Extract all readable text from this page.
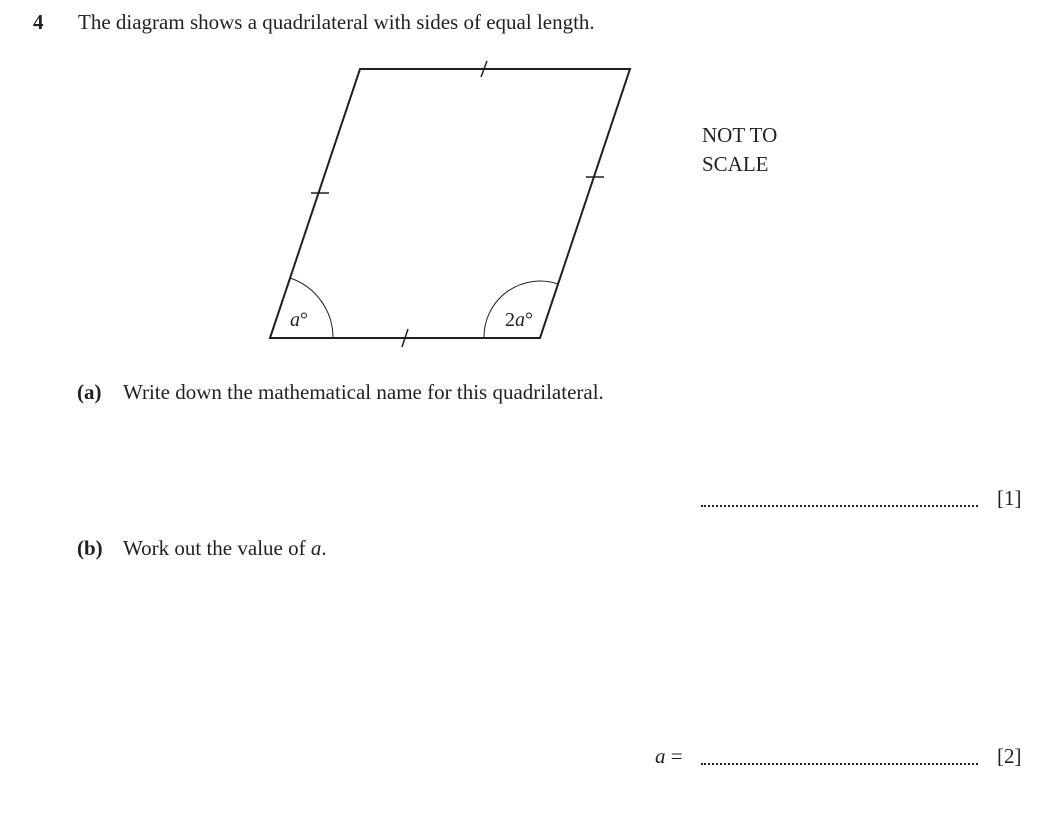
4 The diagram shows a quadrilateral with sides of equal length.
a°	2a°
NOT TO
SCALE
(a) Write down the mathematical name for this quadrilateral.
[1]
(b) Work out the value of a.
a =	[2]
